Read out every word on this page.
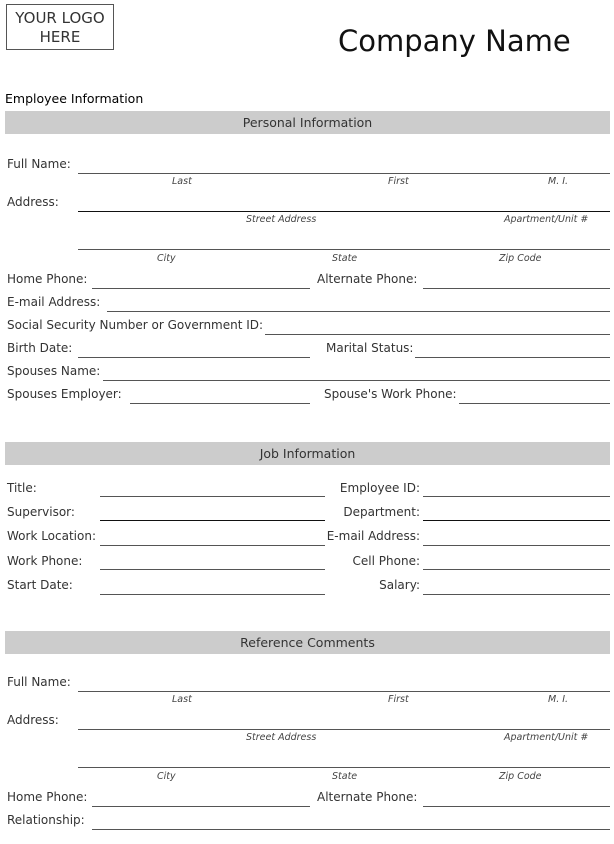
YOUR LOGO
HERE	Company Name
Employee Information
Personal Information
Full Name:
Last	First	M. I.
Address:
Street Address	Apartment/Unit #
City	State	Zip Code
Home Phone:	Alternate Phone:
E-mail Address:
Social Security Number or Government ID:
Birth Date:	Marital Status:
Spouses Name:
Spouses Employer:	Spouse's Work Phone:
Job Information
Title:	Employee ID:
Supervisor:	Department:
Work Location:	E-mail Address:
Work Phone:	Cell Phone:
Start Date:	Salary:
Reference Comments
Full Name:
Last	First	M. I.
Address:
Street Address	Apartment/Unit #
City	State	Zip Code
Home Phone:	Alternate Phone:
Relationship:
